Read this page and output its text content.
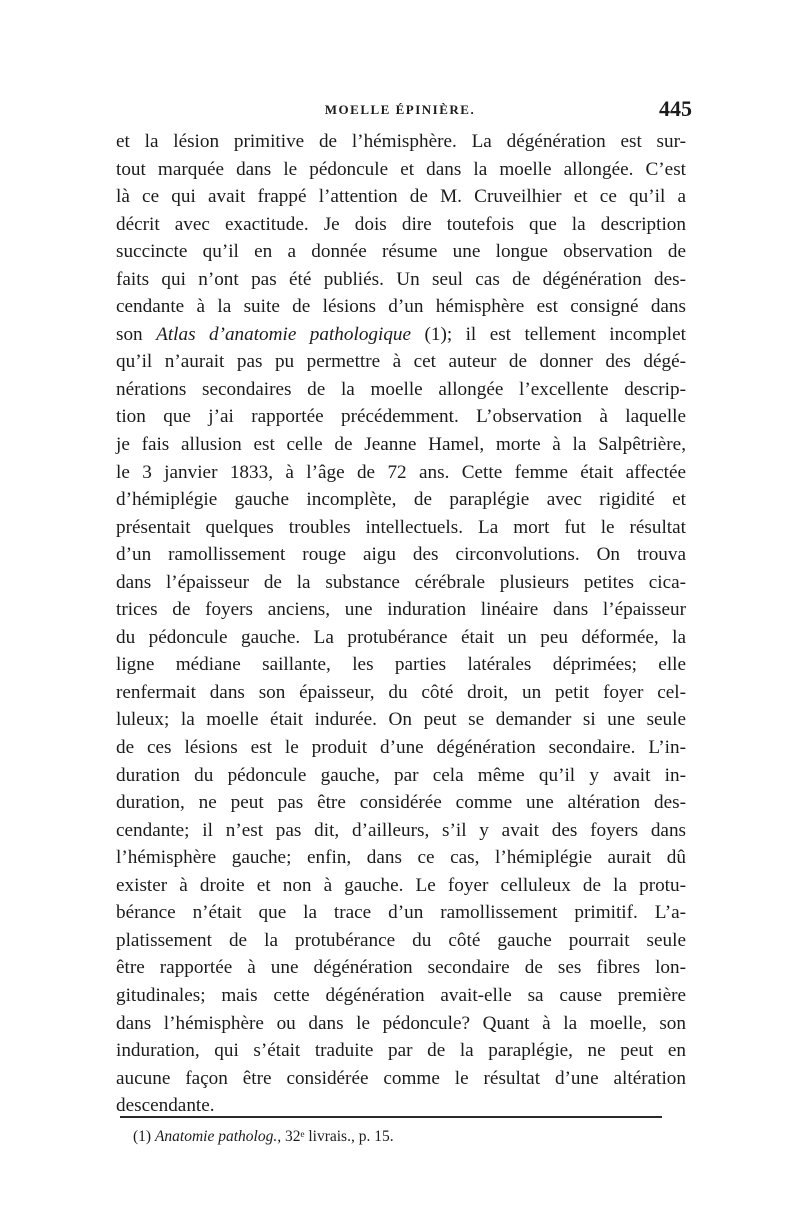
MOELLE ÉPINIÈRE.	445
et la lésion primitive de l’hémisphère. La dégénération est sur-
tout marquée dans le pédoncule et dans la moelle allongée. C’est
là ce qui avait frappé l’attention de M. Cruveilhier et ce qu’il a
décrit avec exactitude. Je dois dire toutefois que la description
succincte qu’il en a donnée résume une longue observation de
faits qui n’ont pas été publiés. Un seul cas de dégénération des-
cendante à la suite de lésions d’un hémisphère est consigné dans
son Atlas d’anatomie pathologique (1); il est tellement incomplet
qu’il n’aurait pas pu permettre à cet auteur de donner des dégé-
nérations secondaires de la moelle allongée l’excellente descrip-
tion que j’ai rapportée précédemment. L’observation à laquelle
je fais allusion est celle de Jeanne Hamel, morte à la Salpêtrière,
le 3 janvier 1833, à l’âge de 72 ans. Cette femme était affectée
d’hémiplégie gauche incomplète, de paraplégie avec rigidité et
présentait quelques troubles intellectuels. La mort fut le résultat
d’un ramollissement rouge aigu des circonvolutions. On trouva
dans l’épaisseur de la substance cérébrale plusieurs petites cica-
trices de foyers anciens, une induration linéaire dans l’épaisseur
du pédoncule gauche. La protubérance était un peu déformée, la
ligne médiane saillante, les parties latérales déprimées; elle
renfermait dans son épaisseur, du côté droit, un petit foyer cel-
luleux; la moelle était indurée. On peut se demander si une seule
de ces lésions est le produit d’une dégénération secondaire. L’in-
duration du pédoncule gauche, par cela même qu’il y avait in-
duration, ne peut pas être considérée comme une altération des-
cendante; il n’est pas dit, d’ailleurs, s’il y avait des foyers dans
l’hémisphère gauche; enfin, dans ce cas, l’hémiplégie aurait dû
exister à droite et non à gauche. Le foyer celluleux de la protu-
bérance n’était que la trace d’un ramollissement primitif. L’a-
platissement de la protubérance du côté gauche pourrait seule
être rapportée à une dégénération secondaire de ses fibres lon-
gitudinales; mais cette dégénération avait-elle sa cause première
dans l’hémisphère ou dans le pédoncule? Quant à la moelle, son
induration, qui s’était traduite par de la paraplégie, ne peut en
aucune façon être considérée comme le résultat d’une altération
descendante.
(1) Anatomie patholog., 32ᵉ livrais., p. 15.
